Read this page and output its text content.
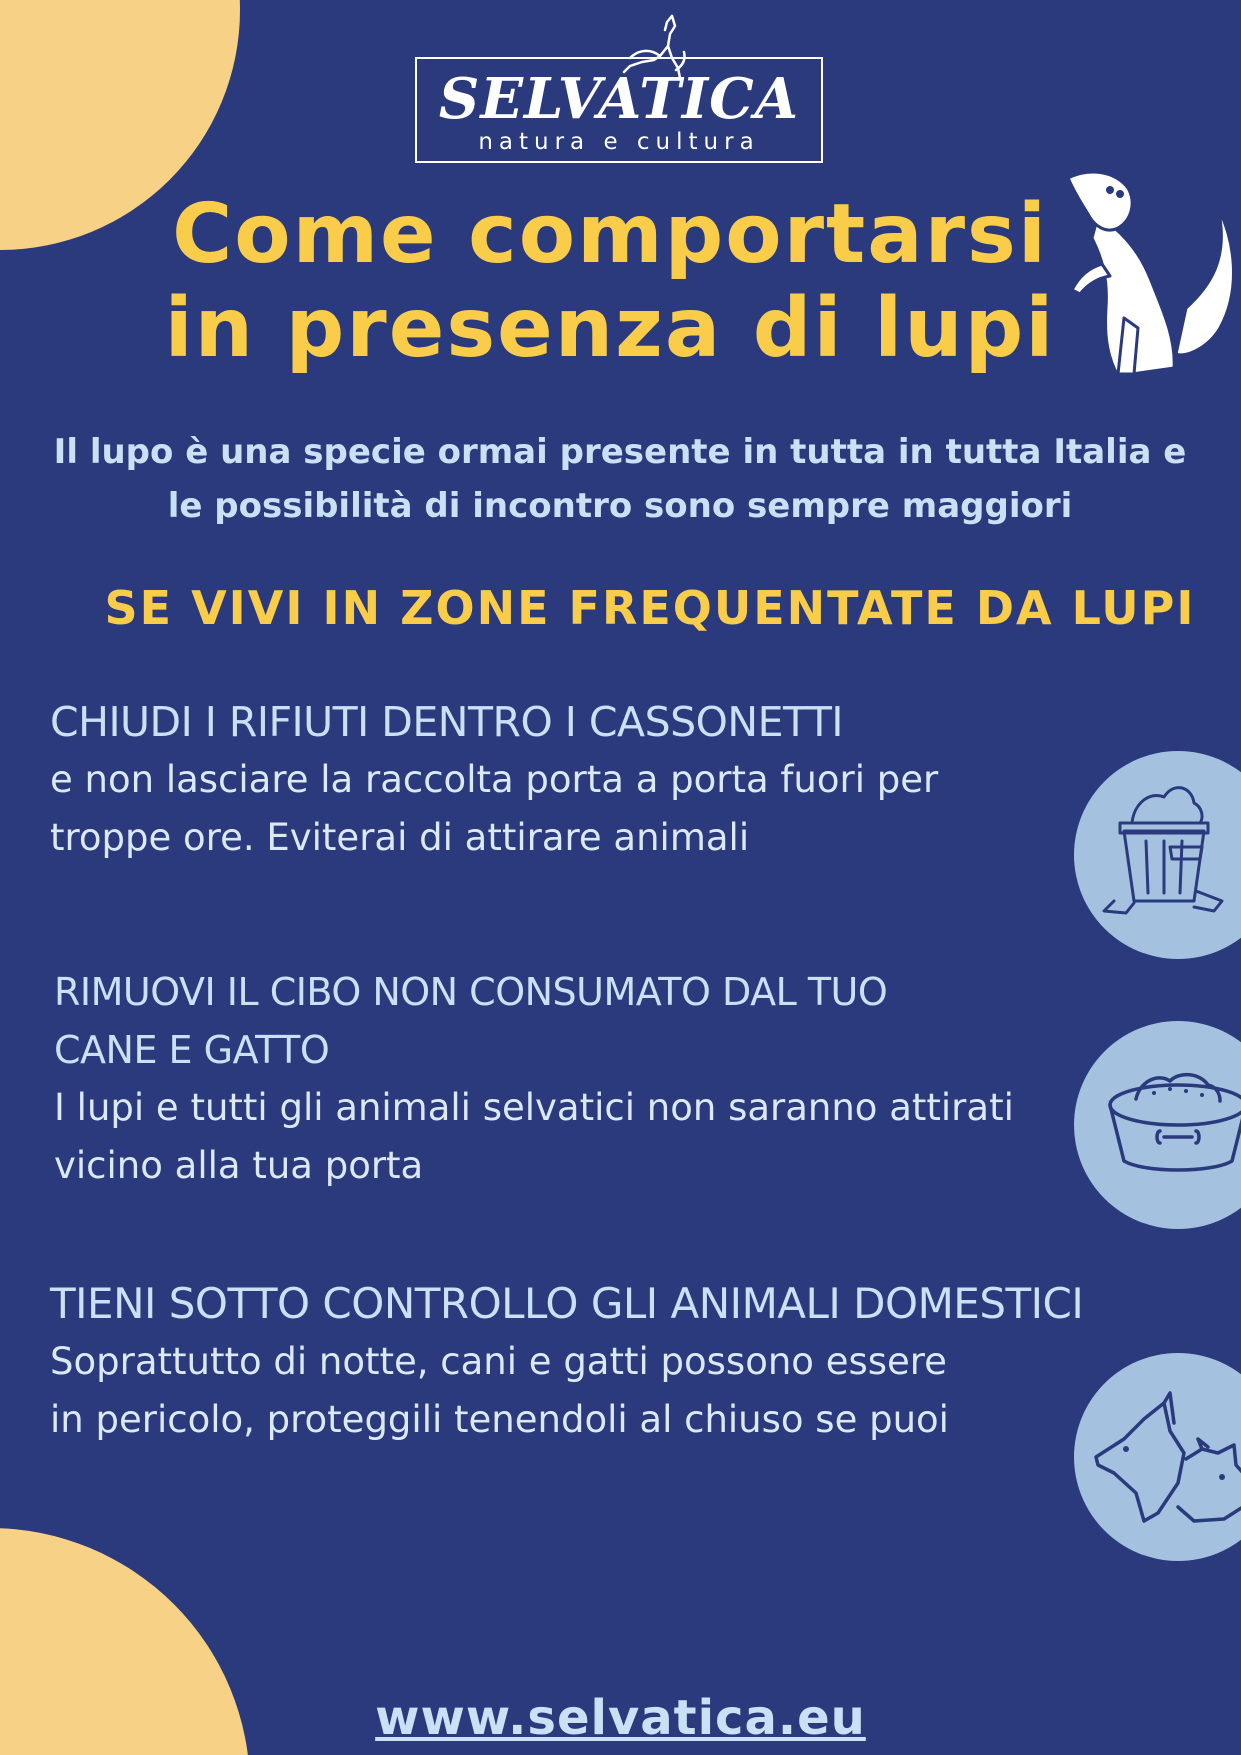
SELVATICA
natura e cultura
Come comportarsi
in presenza di lupi

Il lupo è una specie ormai presente in tutta in tutta Italia e
le possibilità di incontro sono sempre maggiori

SE VIVI IN ZONE FREQUENTATE DA LUPI
CHIUDI I RIFIUTI DENTRO I CASSONETTI

e non lasciare la raccolta porta a porta fuori per
troppe ore. Eviterai di attirare animali

RIMUOVI IL CIBO NON CONSUMATO DAL TUO
CANE E GATTO

I lupi e tutti gli animali selvatici non saranno attirati
vicino alla tua porta

TIENI SOTTO CONTROLLO GLI ANIMALI DOMESTICI

Soprattutto di notte, cani e gatti possono essere
in pericolo, proteggili tenendoli al chiuso se puoi

www.selvatica.eu
